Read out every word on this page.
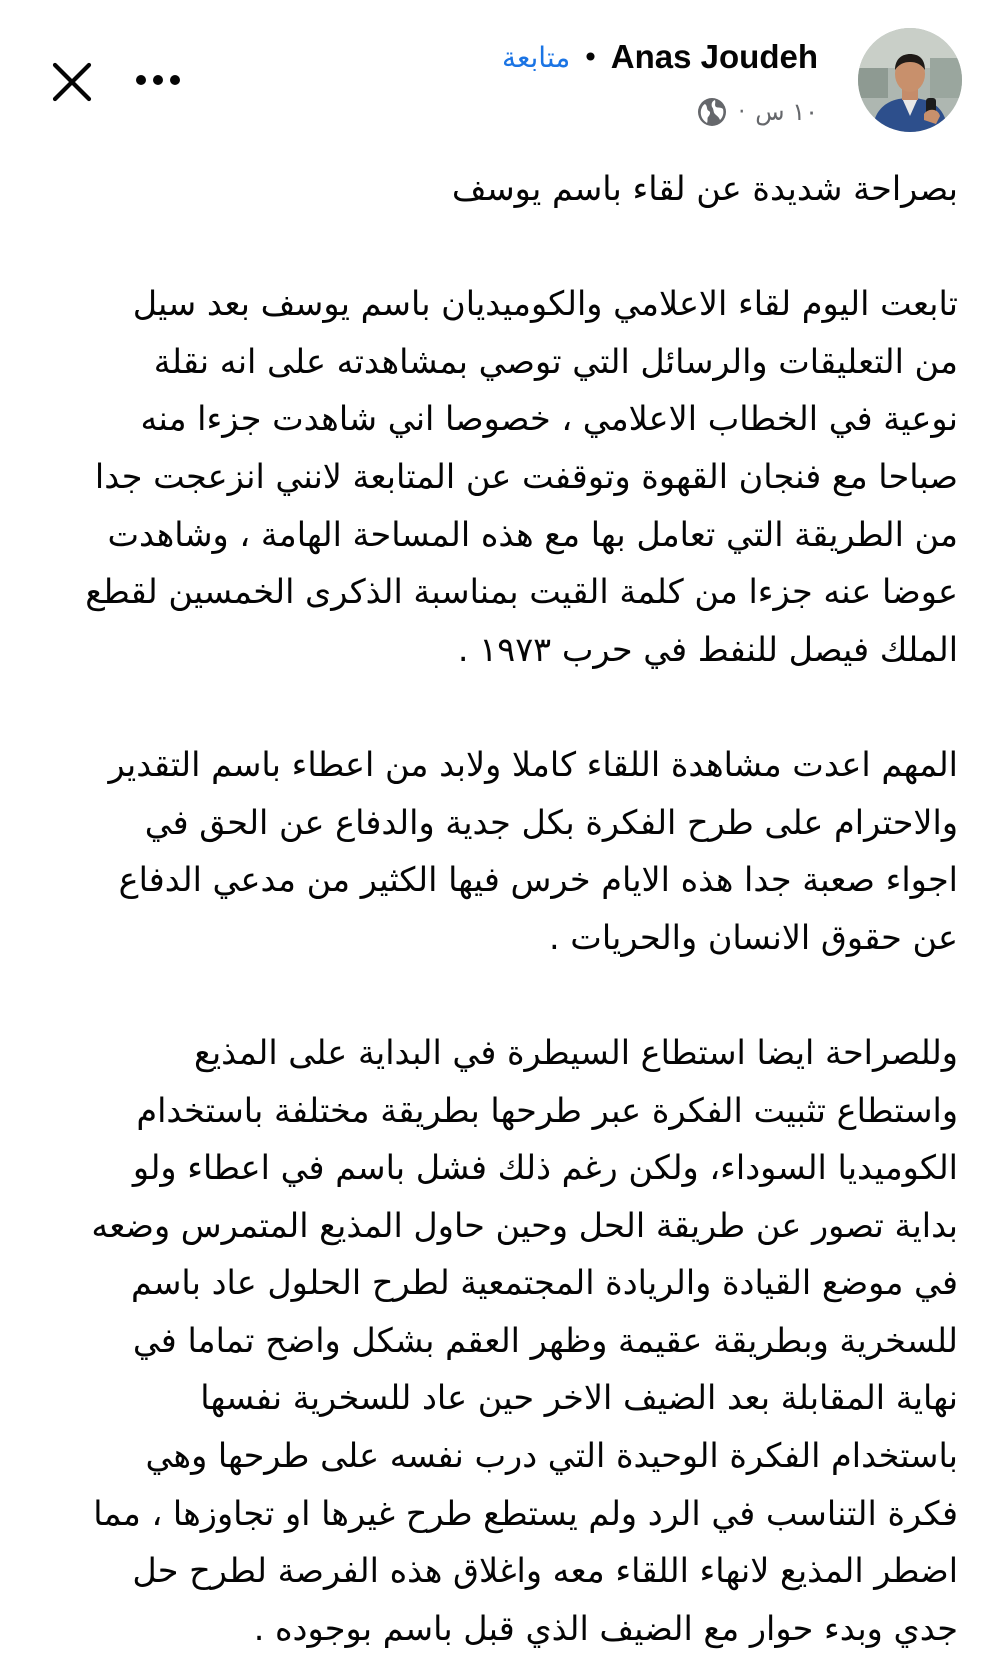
متابعة • Anas Joudeh
· ١٠ س

بصراحة شديدة عن لقاء باسم يوسف

تابعت اليوم لقاء الاعلامي والكوميديان باسم يوسف بعد سيل
من التعليقات والرسائل التي توصي بمشاهدته على انه نقلة
نوعية في الخطاب الاعلامي ، خصوصا اني شاهدت جزءا منه
صباحا مع فنجان القهوة وتوقفت عن المتابعة لانني انزعجت جدا
من الطريقة التي تعامل بها مع هذه المساحة الهامة ، وشاهدت
عوضا عنه جزءا من كلمة القيت بمناسبة الذكرى الخمسين لقطع
الملك فيصل للنفط في حرب ١٩٧٣ .

المهم اعدت مشاهدة اللقاء كاملا ولابد من اعطاء باسم التقدير
والاحترام على طرح الفكرة بكل جدية والدفاع عن الحق في
اجواء صعبة جدا هذه الايام خرس فيها الكثير من مدعي الدفاع
عن حقوق الانسان والحريات .

وللصراحة ايضا استطاع السيطرة في البداية على المذيع
واستطاع تثبيت الفكرة عبر طرحها بطريقة مختلفة باستخدام
الكوميديا السوداء، ولكن رغم ذلك فشل باسم في اعطاء ولو
بداية تصور عن طريقة الحل وحين حاول المذيع المتمرس وضعه
في موضع القيادة والريادة المجتمعية لطرح الحلول عاد باسم
للسخرية وبطريقة عقيمة وظهر العقم بشكل واضح تماما في
نهاية المقابلة بعد الضيف الاخر حين عاد للسخرية نفسها
باستخدام الفكرة الوحيدة التي درب نفسه على طرحها وهي
فكرة التناسب في الرد ولم يستطع طرح غيرها او تجاوزها ، مما
اضطر المذيع لانهاء اللقاء معه واغلاق هذه الفرصة لطرح حل
جدي وبدء حوار مع الضيف الذي قبل باسم بوجوده .
